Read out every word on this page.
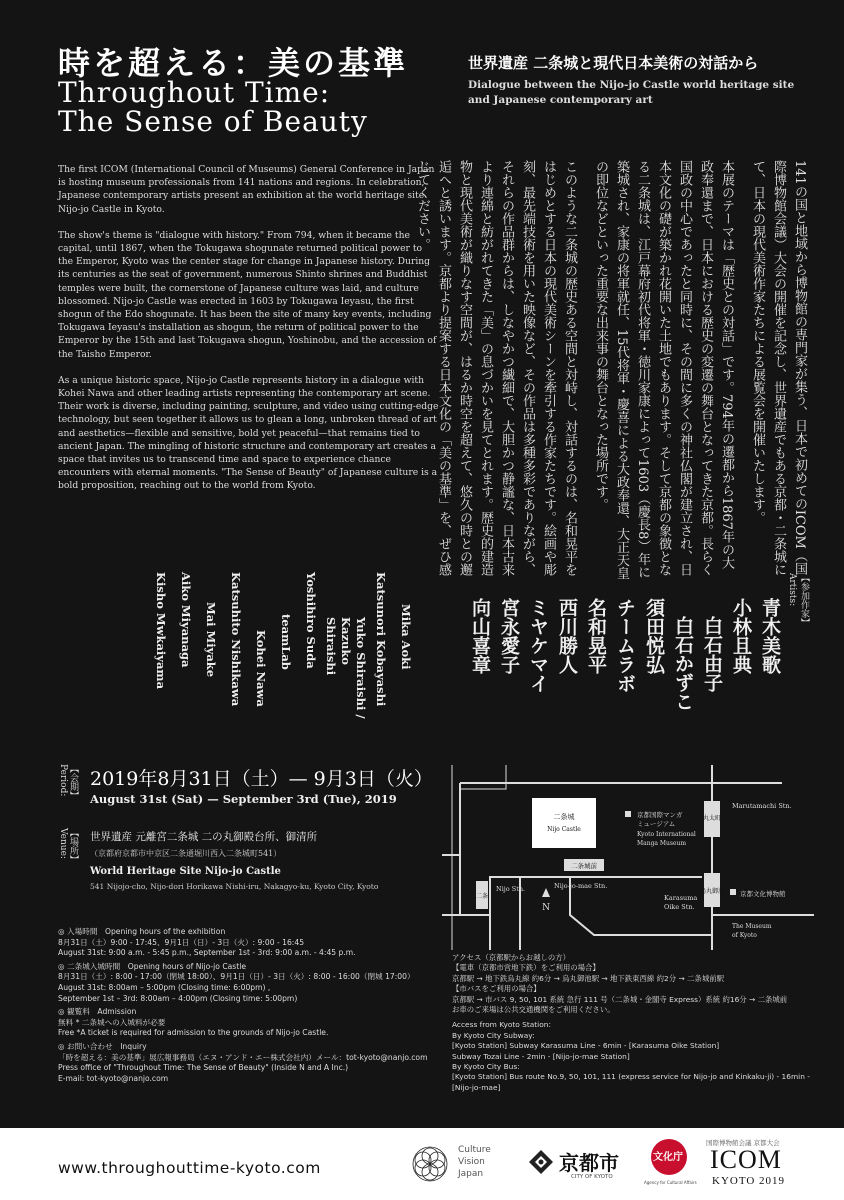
時を超える：美の基準
Throughout Time:
The Sense of Beauty
世界遺産 二条城と現代日本美術の対話から
Dialogue between the Nijo-jo Castle world heritage site and Japanese contemporary art

The first ICOM (International Council of Museums) General Conference in Japan is hosting museum professionals from 141 nations and regions. In celebration, Japanese contemporary artists present an exhibition at the world heritage site Nijo-jo Castle in Kyoto.

The show's theme is "dialogue with history." From 794, when it became the capital, until 1867, when the Tokugawa shogunate returned political power to the Emperor, Kyoto was the center stage for change in Japanese history. During its centuries as the seat of government, numerous Shinto shrines and Buddhist temples were built, the cornerstone of Japanese culture was laid, and culture blossomed. Nijo-jo Castle was erected in 1603 by Tokugawa Ieyasu, the first shogun of the Edo shogunate. It has been the site of many key events, including Tokugawa Ieyasu's installation as shogun, the return of political power to the Emperor by the 15th and last Tokugawa shogun, Yoshinobu, and the accession of the Taisho Emperor.

As a unique historic space, Nijo-jo Castle represents history in a dialogue with Kohei Nawa and other leading artists representing the contemporary art scene. Their work is diverse, including painting, sculpture, and video using cutting-edge technology, but seen together it allows us to glean a long, unbroken thread of art and aesthetics—flexible and sensitive, bold yet peaceful—that remains tied to ancient Japan. The mingling of historic structure and contemporary art creates a space that invites us to transcend time and space to experience chance encounters with eternal moments. "The Sense of Beauty" of Japanese culture is a bold proposition, reaching out to the world from Kyoto.	141の国と地域から博物館の専門家が集う、日本で初めてのICOM（国際博物館会議）大会の開催を記念し、世界遺産でもある京都・二条城にて、日本の現代美術作家たちによる展覧会を開催いたします。

本展のテーマは「歴史との対話」です。794年の遷都から1867年の大政奉還まで、日本における歴史の変遷の舞台となってきた京都。長らく国政の中心であったと同時に、その間に多くの神社仏閣が建立され、日本文化の礎が築かれ花開いた土地でもあります。そして京都の象徴となる二条城は、江戸幕府初代将軍・徳川家康によって1603（慶長8）年に築城され、家康の将軍就任、15代将軍・慶喜による大政奉還、大正天皇の即位などといった重要な出来事の舞台となった場所です。

このような二条城の歴史ある空間と対峙し、対話するのは、名和晃平をはじめとする日本の現代美術シーンを牽引する作家たちです。絵画や彫刻、最先端技術を用いた映像など、その作品は多種多彩でありながら、それらの作品群からは、しなやかつ繊細で、大胆かつ静謐な、日本古来より連綿と紡がれてきた「美」の息づかいを見てとれます。歴史的建造物と現代美術が織りなす空間が、はるか時空を超えて、悠久の時との邂逅へと誘います。京都より提案する日本文化の「美の基準」を、ぜひ感じてください。

【参加作家】
Artists:
青木美歌
小林且典
白石由子
白石かずこ
須田悦弘
チームラボ
名和晃平
西川勝人
ミヤケマイ
宮永愛子
向山喜章
Mika Aoki
Katsunori Kobayashi
Yuko Shiraishi /
Kazuko Shiraishi
Yoshihiro Suda
teamLab
Kohei Nawa
Katsuhito Nishikawa
Mai Miyake
Aiko Miyanaga
Kisho Mwkaiyama
【会期】
Period: 2019年8月31日（土）— 9月3日（火）
August 31st (Sat) — September 3rd (Tue), 2019
【場所】
Venue: 世界遺産 元離宮二条城 二の丸御殿台所、御清所
（京都府京都市中京区二条通堀川西入二条城町541）
World Heritage Site Nijo-jo Castle
541 Nijojo-cho, Nijo-dori Horikawa Nishi-iru, Nakagyo-ku, Kyoto City, Kyoto
二条城
Nijo Castle
京都国際マンガ
ミュージアム
Kyoto International
Manga Museum
丸太町
Marutamachi Stn.
二条城前
Nijo-jo-mae Stn.
二条
Nijo Stn.	烏丸御池
Karasuma
Oike Stn.
京都文化博物館
The Museum
of Kyoto
N
◎ 入場時間　Opening hours of the exhibition
8月31日（土）9:00 - 17:45、9月1日（日）- 3日（火）: 9:00 - 16:45
August 31st: 9:00 a.m. - 5:45 p.m., September 1st - 3rd: 9:00 a.m. - 4:45 p.m.
◎ 二条城入城時間　Opening hours of Nijo-jo Castle
8月31日（土）: 8:00 - 17:00（閉城 18:00）、9月1日（日）- 3日（火）: 8:00 - 16:00（閉城 17:00）
August 31st: 8:00am – 5:00pm (Closing time: 6:00pm) ,
September 1st – 3rd: 8:00am – 4:00pm (Closing time: 5:00pm)
◎ 観覧料　Admission
無料 * 二条城への入城料が必要
Free *A ticket is required for admission to the grounds of Nijo-jo Castle.
◎ お問い合わせ　Inquiry
「時を超える：美の基準」展広報事務局（エヌ・アンド・エー株式会社内）メール：tot-kyoto@nanjo.com
Press office of "Throughout Time: The Sense of Beauty" (Inside N and A Inc.)
E-mail: tot-kyoto@nanjo.com
アクセス（京都駅からお越しの方）
【電車（京都市営地下鉄）をご利用の場合】
京都駅 → 地下鉄烏丸線 約6分 → 烏丸御池駅 → 地下鉄東西線 約2分 → 二条城前駅
【市バスをご利用の場合】
京都駅 → 市バス 9, 50, 101 系統 急行 111 号（二条城・金閣寺 Express）系統 約16分 → 二条城前
お車のご来場は公共交通機関をご利用ください。
Access from Kyoto Station:
By Kyoto City Subway:
[Kyoto Station] Subway Karasuma Line - 6min - [Karasuma Oike Station]
Subway Tozai Line - 2min - [Nijo-jo-mae Station]
By Kyoto City Bus:
[Kyoto Station] Bus route No.9, 50, 101, 111 (express service for Nijo-jo and Kinkaku-ji) - 16min - [Nijo-jo-mae]
www.throughouttime-kyoto.com
Culture
Vision
Japan	京都市
CITY OF KYOTO
文化庁
Agency for Cultural Affairs
国際博物館会議 京都大会
ICOM
KYOTO 2019
